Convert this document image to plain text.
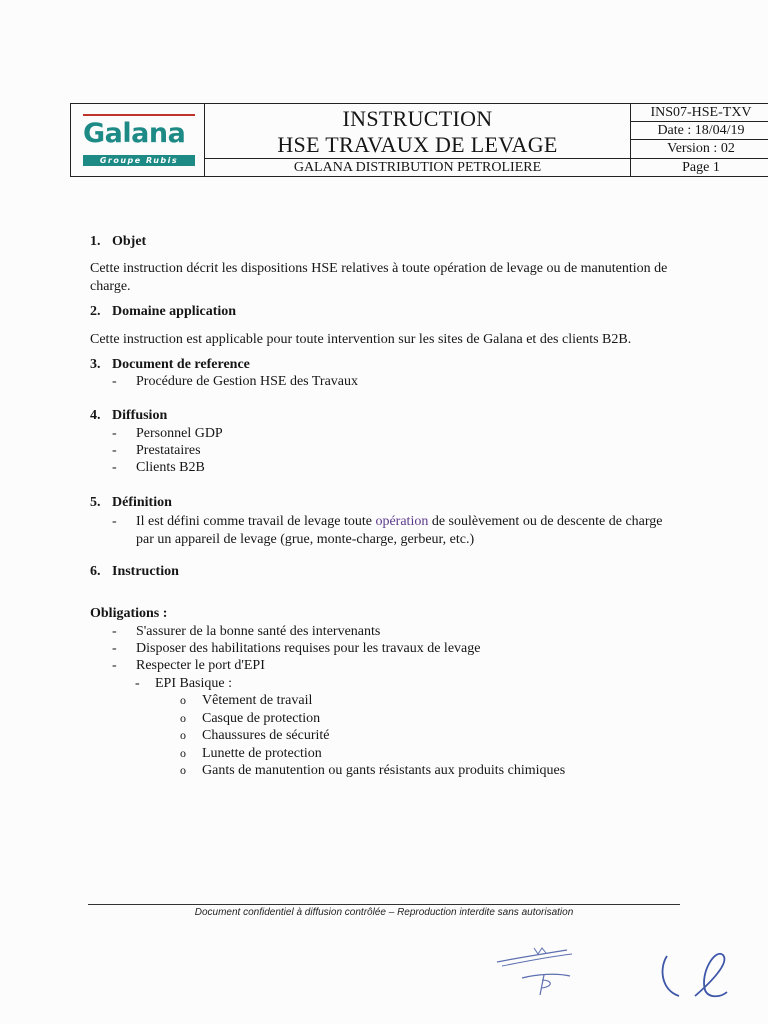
Galana
Groupe Rubis
INSTRUCTION
HSE TRAVAUX DE LEVAGE
GALANA DISTRIBUTION PETROLIERE
INS07-HSE-TXV
Date : 18/04/19
Version : 02
Page 1
1. Objet
Cette instruction décrit les dispositions HSE relatives à toute opération de levage ou de manutention de charge.
2. Domaine application
Cette instruction est applicable pour toute intervention sur les sites de Galana et des clients B2B.
3. Document de reference
- Procédure de Gestion HSE des Travaux
4. Diffusion
- Personnel GDP
- Prestataires
- Clients B2B
5. Définition
- Il est défini comme travail de levage toute opération de soulèvement ou de descente de charge par un appareil de levage (grue, monte-charge, gerbeur, etc.)
6. Instruction
Obligations :
- S'assurer de la bonne santé des intervenants
- Disposer des habilitations requises pour les travaux de levage
- Respecter le port d'EPI
- EPI Basique :
o Vêtement de travail
o Casque de protection
o Chaussures de sécurité
o Lunette de protection
o Gants de manutention ou gants résistants aux produits chimiques
Document confidentiel à diffusion contrôlée – Reproduction interdite sans autorisation
